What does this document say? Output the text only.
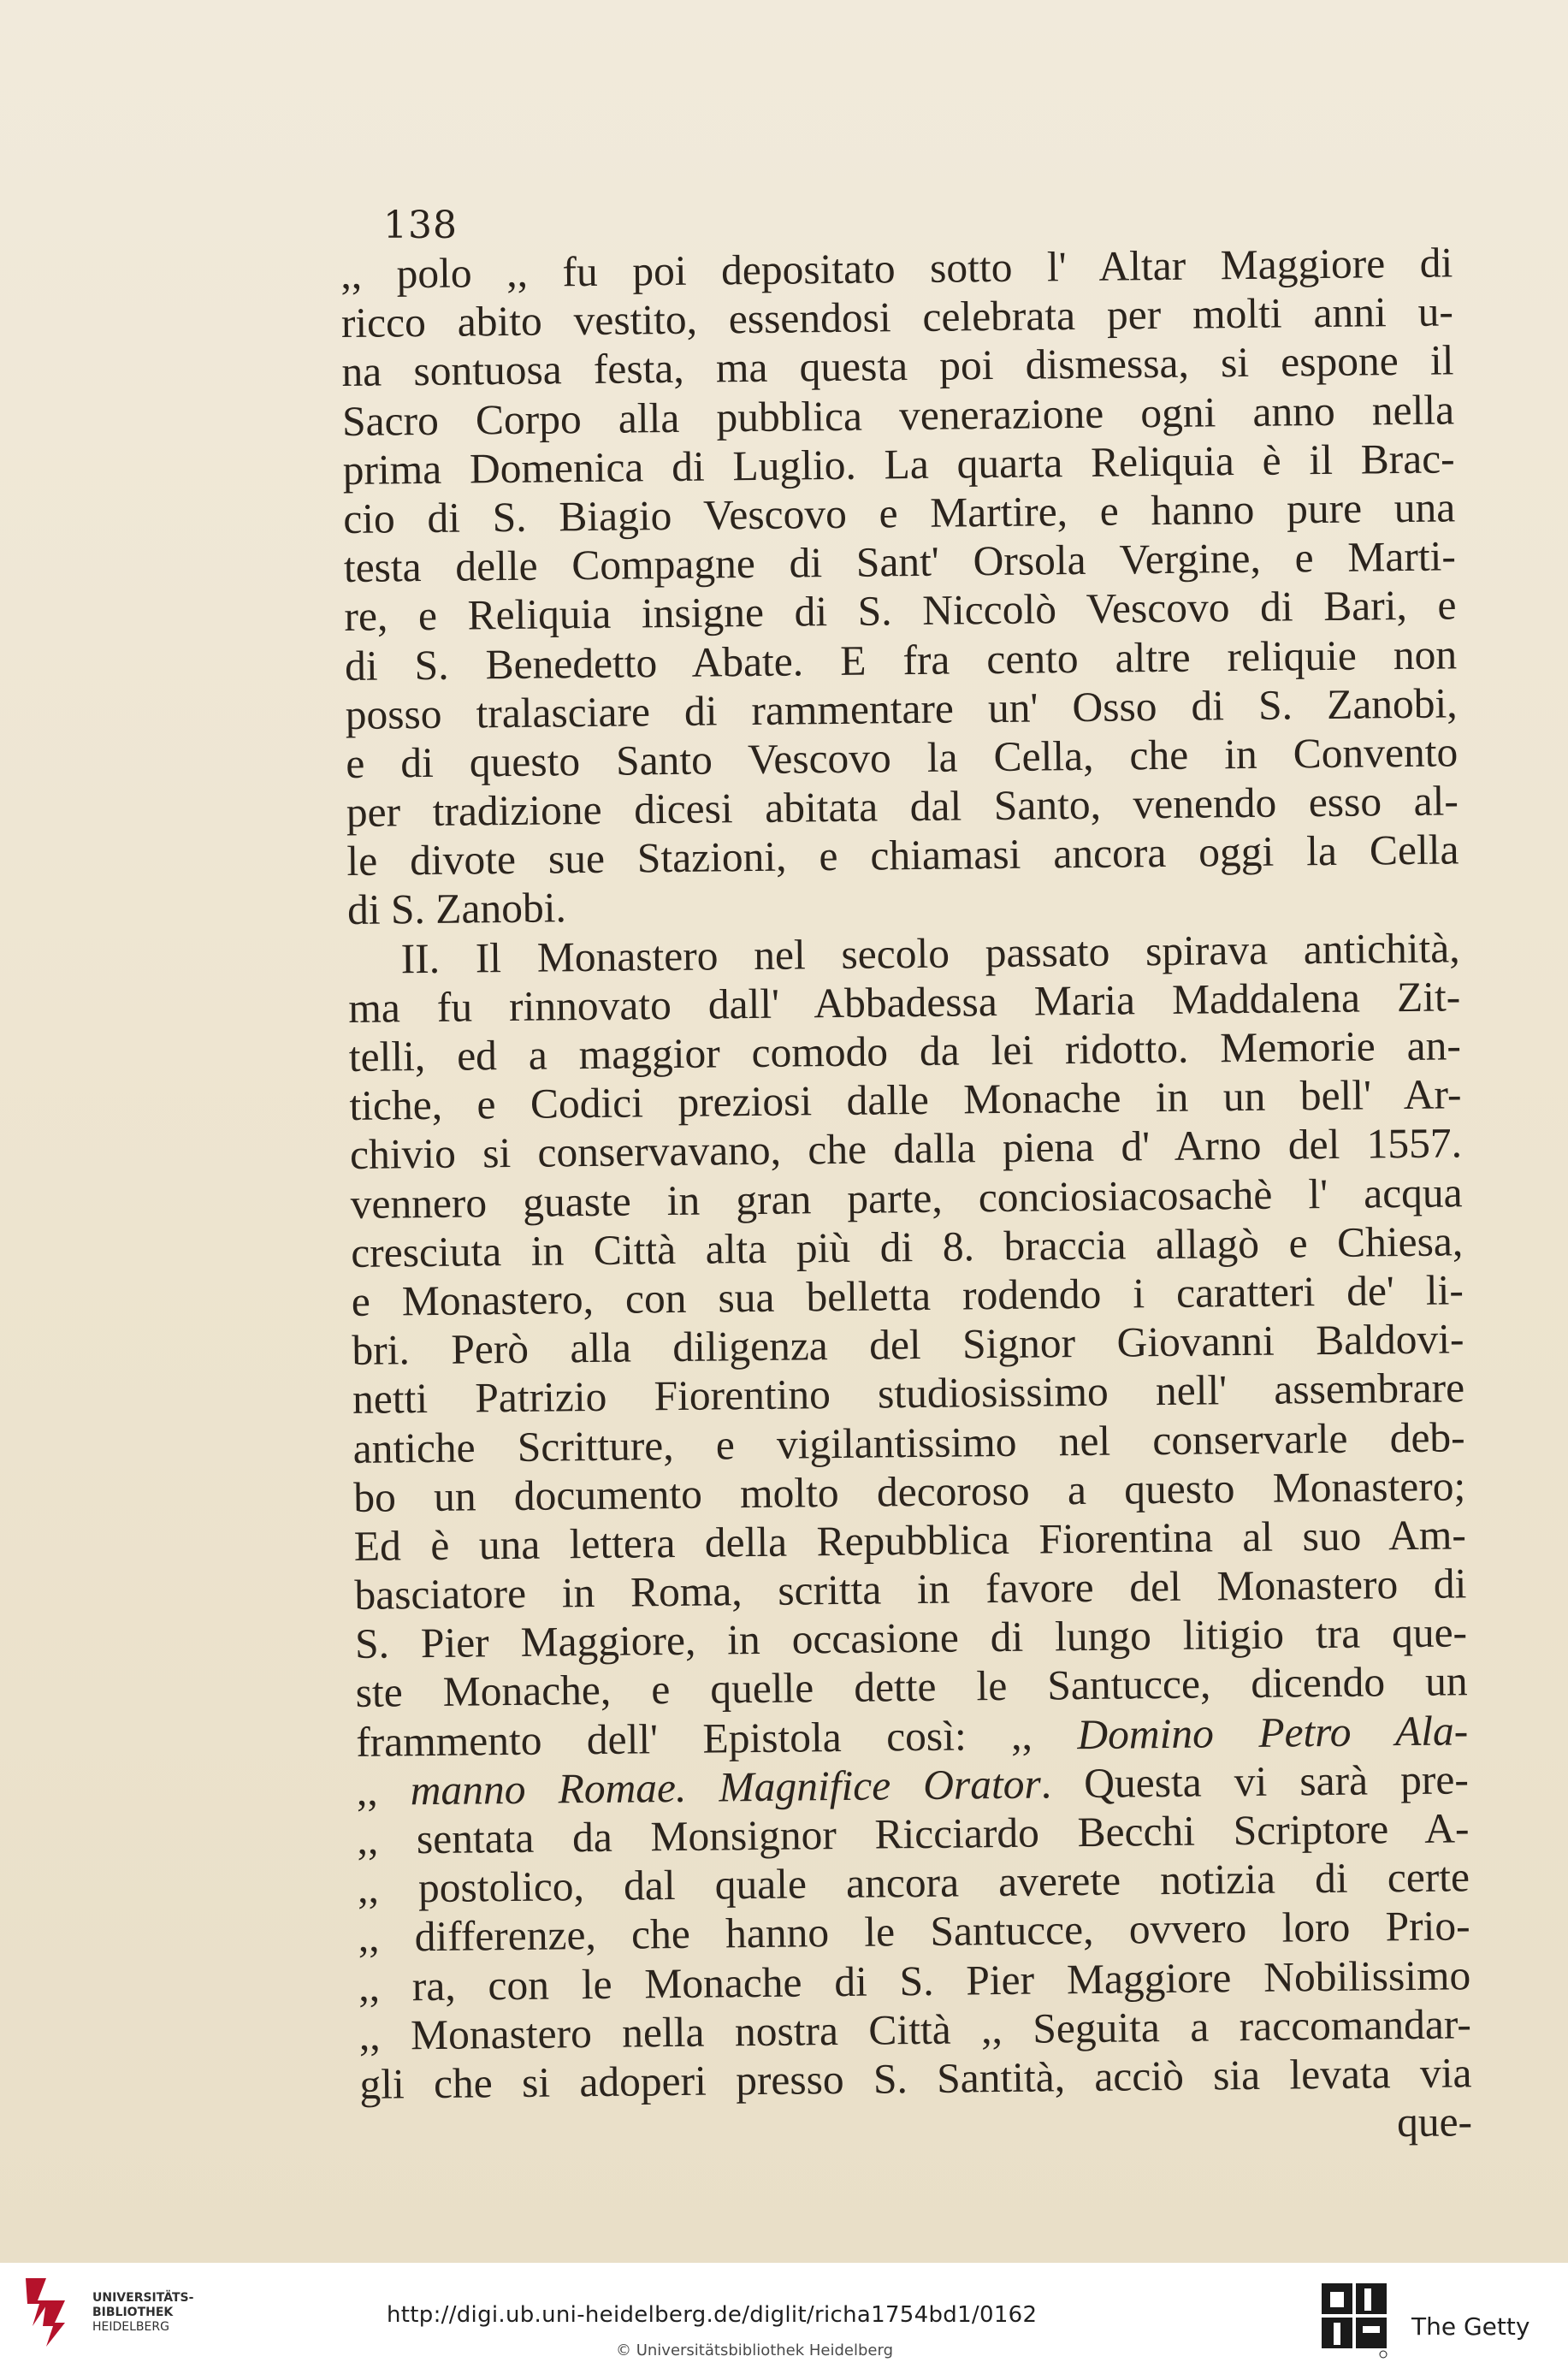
138
,, polo ,, fu poi depositato sotto l' Altar Maggiore di
ricco abito vestito, essendosi celebrata per molti anni u-
na sontuosa festa, ma questa poi dismessa, si espone il
Sacro Corpo alla pubblica venerazione ogni anno nella
prima Domenica di Luglio. La quarta Reliquia è il Brac-
cio di S. Biagio Vescovo e Martire, e hanno pure una
testa delle Compagne di Sant' Orsola Vergine, e Marti-
re, e Reliquia insigne di S. Niccolò Vescovo di Bari, e
di S. Benedetto Abate. E fra cento altre reliquie non
posso tralasciare di rammentare un' Osso di S. Zanobi,
e di questo Santo Vescovo la Cella, che in Convento
per tradizione dicesi abitata dal Santo, venendo esso al-
le divote sue Stazioni, e chiamasi ancora oggi la Cella
di S. Zanobi.
II. Il Monastero nel secolo passato spirava antichità,
ma fu rinnovato dall' Abbadessa Maria Maddalena Zit-
telli, ed a maggior comodo da lei ridotto. Memorie an-
tiche, e Codici preziosi dalle Monache in un bell' Ar-
chivio si conservavano, che dalla piena d' Arno del 1557.
vennero guaste in gran parte, conciosiacosachè l' acqua
cresciuta in Città alta più di 8. braccia allagò e Chiesa,
e Monastero, con sua belletta rodendo i caratteri de' li-
bri. Però alla diligenza del Signor Giovanni Baldovi-
netti Patrizio Fiorentino studiosissimo nell' assembrare
antiche Scritture, e vigilantissimo nel conservarle deb-
bo un documento molto decoroso a questo Monastero;
Ed è una lettera della Repubblica Fiorentina al suo Am-
basciatore in Roma, scritta in favore del Monastero di
S. Pier Maggiore, in occasione di lungo litigio tra que-
ste Monache, e quelle dette le Santucce, dicendo un
frammento dell' Epistola così: ,, Domino Petro Ala-
,, manno Romae. Magnifice Orator. Questa vi sarà pre-
,, sentata da Monsignor Ricciardo Becchi Scriptore A-
,, postolico, dal quale ancora averete notizia di certe
,, differenze, che hanno le Santucce, ovvero loro Prio-
,, ra, con le Monache di S. Pier Maggiore Nobilissimo
,, Monastero nella nostra Città ,, Seguita a raccomandar-
gli che si adoperi presso S. Santità, acciò sia levata via
que-
UNIVERSITÄTS-
BIBLIOTHEK
HEIDELBERG	http://digi.ub.uni-heidelberg.de/diglit/richa1754bd1/0162
© Universitätsbibliothek Heidelberg
The Getty
